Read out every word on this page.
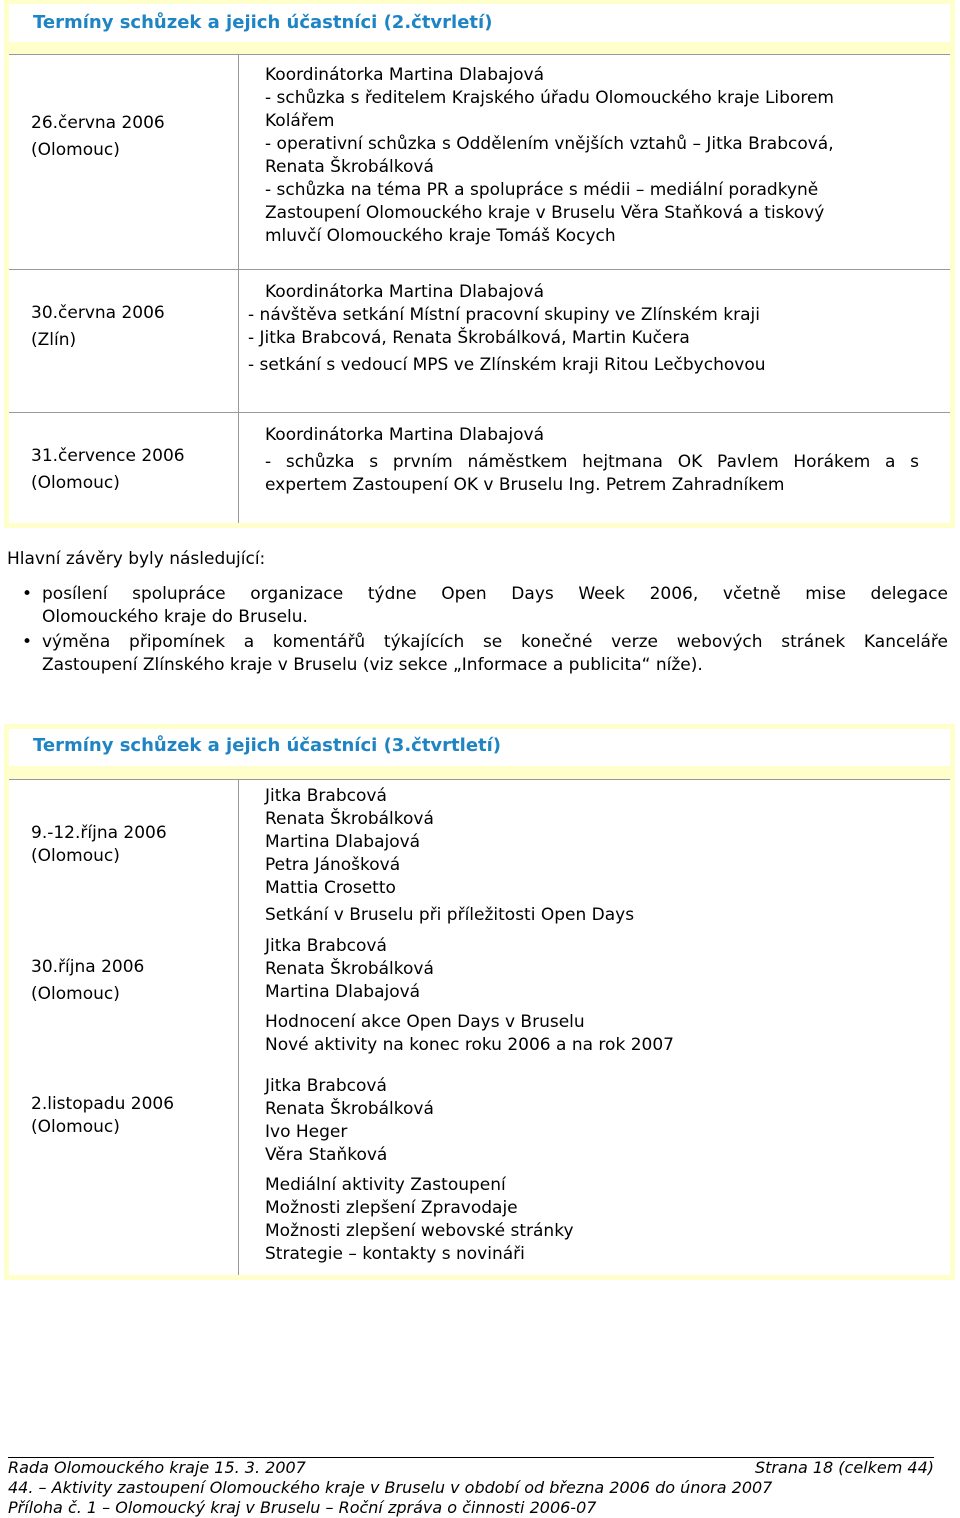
Termíny schůzek a jejich účastníci (2.čtvrletí)
26.června 2006
(Olomouc)
Koordinátorka Martina Dlabajová
- schůzka s ředitelem Krajského úřadu Olomouckého kraje Liborem
Kolářem
- operativní schůzka s Oddělením vnějších vztahů – Jitka Brabcová,
Renata Škrobálková
- schůzka na téma PR a spolupráce s médii – mediální poradkyně
Zastoupení Olomouckého kraje v Bruselu Věra Staňková a tiskový
mluvčí Olomouckého kraje Tomáš Kocych
30.června 2006
(Zlín)
Koordinátorka Martina Dlabajová
- návštěva setkání Místní pracovní skupiny ve Zlínském kraji
- Jitka Brabcová, Renata Škrobálková, Martin Kučera
- setkání s vedoucí MPS ve Zlínském kraji Ritou Lečbychovou
31.července 2006
(Olomouc)
Koordinátorka Martina Dlabajová
- schůzka s prvním náměstkem hejtmana OK Pavlem Horákem a s
expertem Zastoupení OK v Bruselu Ing. Petrem Zahradníkem
Hlavní závěry byly následující:
• posílení spolupráce organizace týdne Open Days Week 2006, včetně mise delegace
Olomouckého kraje do Bruselu.
• výměna připomínek a komentářů týkajících se konečné verze webových stránek Kanceláře
Zastoupení Zlínského kraje v Bruselu (viz sekce „Informace a publicita“ níže).
Termíny schůzek a jejich účastníci (3.čtvrtletí)
9.-12.října 2006
(Olomouc)
Jitka Brabcová
Renata Škrobálková
Martina Dlabajová
Petra Jánošková
Mattia Crosetto
Setkání v Bruselu při příležitosti Open Days
30.října 2006
(Olomouc)
Jitka Brabcová
Renata Škrobálková
Martina Dlabajová
Hodnocení akce Open Days v Bruselu
Nové aktivity na konec roku 2006 a na rok 2007
2.listopadu 2006
(Olomouc)
Jitka Brabcová
Renata Škrobálková
Ivo Heger
Věra Staňková
Mediální aktivity Zastoupení
Možnosti zlepšení Zpravodaje
Možnosti zlepšení webovské stránky
Strategie – kontakty s novináři
Rada Olomouckého kraje 15. 3. 2007	Strana 18 (celkem 44)
44. – Aktivity zastoupení Olomouckého kraje v Bruselu v období od března 2006 do února 2007
Příloha č. 1 – Olomoucký kraj v Bruselu – Roční zpráva o činnosti 2006-07
